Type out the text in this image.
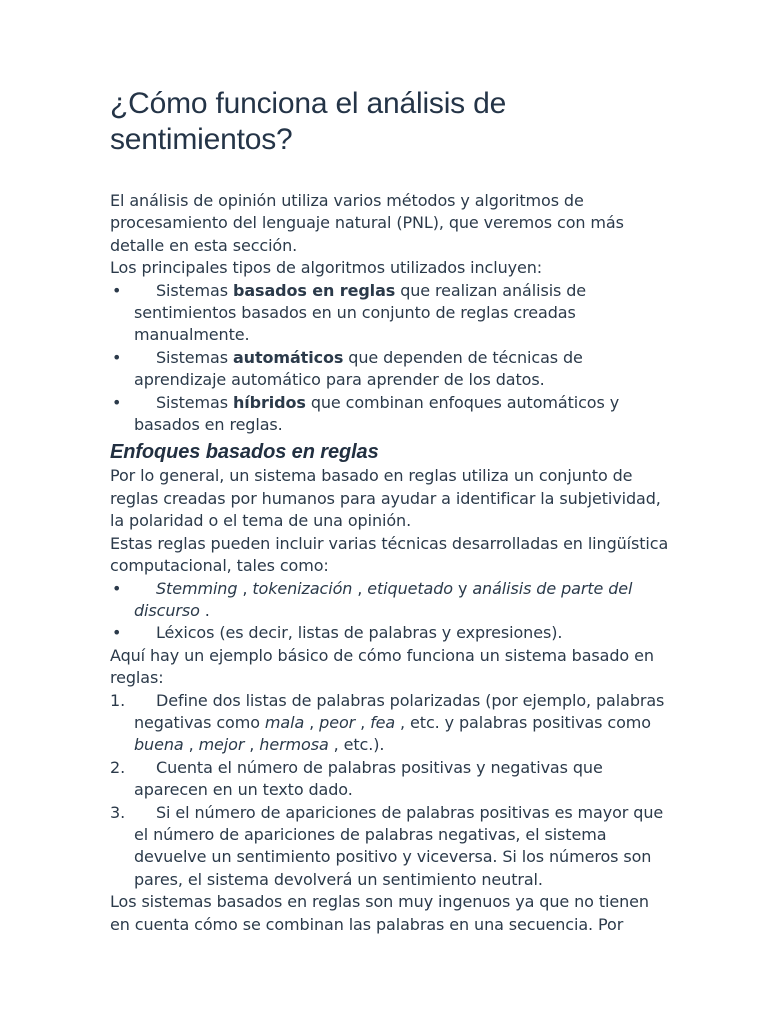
¿Cómo funciona el análisis de sentimientos?

El análisis de opinión utiliza varios métodos y algoritmos de procesamiento del lenguaje natural (PNL), que veremos con más detalle en esta sección.

Los principales tipos de algoritmos utilizados incluyen:

• Sistemas basados en reglas que realizan análisis de sentimientos basados en un conjunto de reglas creadas manualmente.
• Sistemas automáticos que dependen de técnicas de aprendizaje automático para aprender de los datos.
• Sistemas híbridos que combinan enfoques automáticos y basados en reglas.
Enfoques basados en reglas

Por lo general, un sistema basado en reglas utiliza un conjunto de reglas creadas por humanos para ayudar a identificar la subjetividad, la polaridad o el tema de una opinión.

Estas reglas pueden incluir varias técnicas desarrolladas en lingüística computacional, tales como:

• Stemming , tokenización , etiquetado y análisis de parte del discurso .
• Léxicos (es decir, listas de palabras y expresiones).

Aquí hay un ejemplo básico de cómo funciona un sistema basado en reglas:

1. Define dos listas de palabras polarizadas (por ejemplo, palabras negativas como mala , peor , fea , etc. y palabras positivas como buena , mejor , hermosa , etc.).
2. Cuenta el número de palabras positivas y negativas que aparecen en un texto dado.
3. Si el número de apariciones de palabras positivas es mayor que el número de apariciones de palabras negativas, el sistema devuelve un sentimiento positivo y viceversa. Si los números son pares, el sistema devolverá un sentimiento neutral.

Los sistemas basados en reglas son muy ingenuos ya que no tienen en cuenta cómo se combinan las palabras en una secuencia. Por
